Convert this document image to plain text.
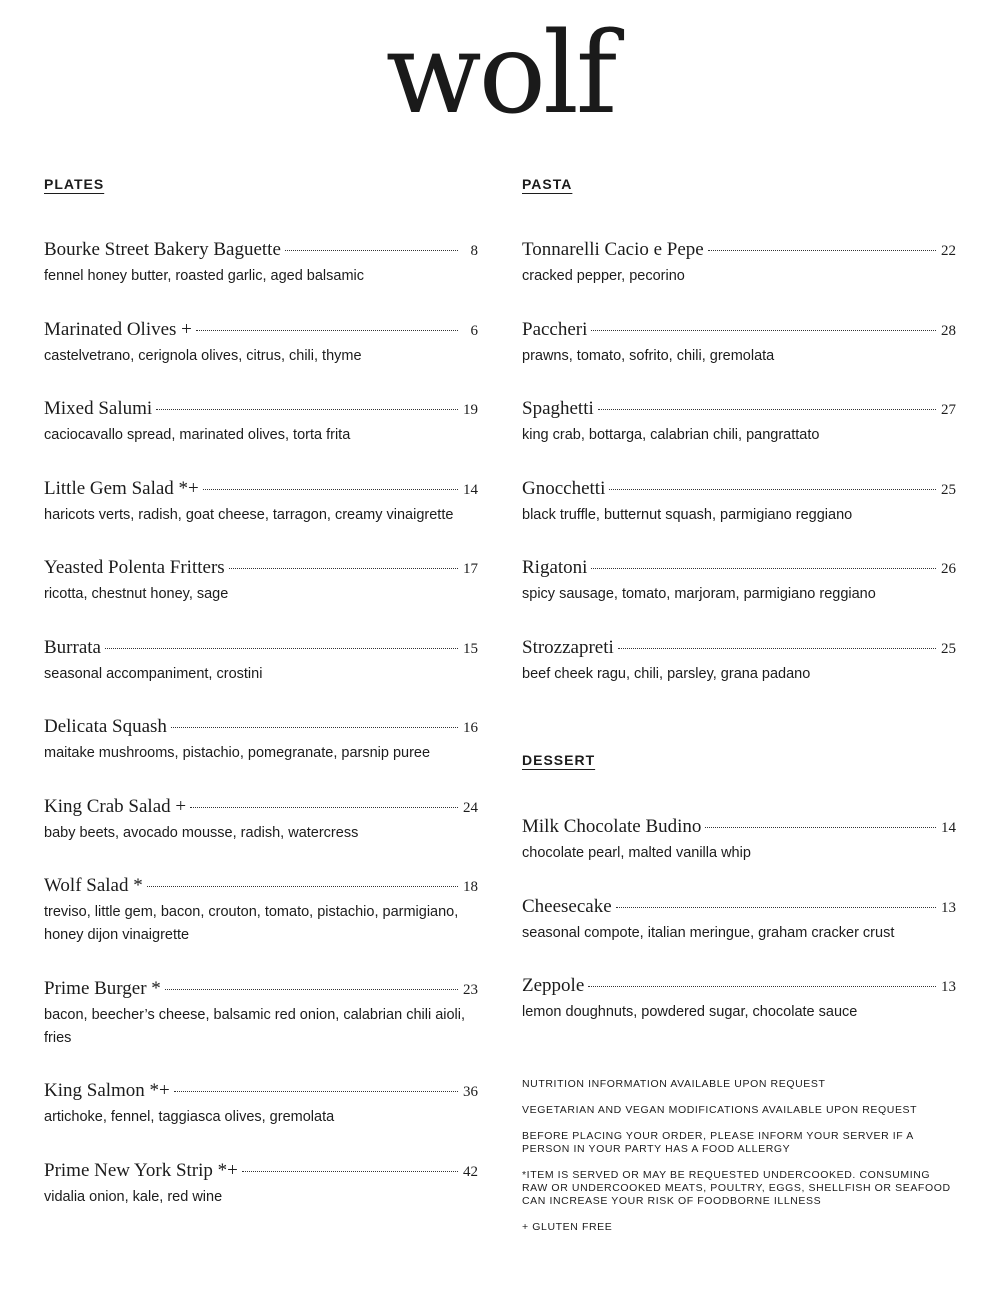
wolf
PLATES
Bourke Street Bakery Baguette	8
fennel honey butter, roasted garlic, aged balsamic
Marinated Olives +	6
castelvetrano, cerignola olives, citrus, chili, thyme
Mixed Salumi	19
caciocavallo spread, marinated olives, torta frita
Little Gem Salad *+	14
haricots verts, radish, goat cheese, tarragon, creamy vinaigrette
Yeasted Polenta Fritters	17
ricotta, chestnut honey, sage
Burrata	15
seasonal accompaniment, crostini
Delicata Squash	16
maitake mushrooms, pistachio, pomegranate, parsnip puree
King Crab Salad +	24
baby beets, avocado mousse, radish, watercress
Wolf Salad *	18
treviso, little gem, bacon, crouton, tomato, pistachio, parmigiano, honey dijon vinaigrette
Prime Burger *	23
bacon, beecher’s cheese, balsamic red onion, calabrian chili aioli, fries
King Salmon *+	36
artichoke, fennel, taggiasca olives, gremolata
Prime New York Strip *+	42
vidalia onion, kale, red wine
PASTA
Tonnarelli Cacio e Pepe	22
cracked pepper, pecorino
Paccheri	28
prawns, tomato, sofrito, chili, gremolata
Spaghetti	27
king crab, bottarga, calabrian chili, pangrattato
Gnocchetti	25
black truffle, butternut squash, parmigiano reggiano
Rigatoni	26
spicy sausage, tomato, marjoram, parmigiano reggiano
Strozzapreti	25
beef cheek ragu, chili, parsley, grana padano
DESSERT
Milk Chocolate Budino	14
chocolate pearl, malted vanilla whip
Cheesecake	13
seasonal compote, italian meringue, graham cracker crust
Zeppole	13
lemon doughnuts, powdered sugar, chocolate sauce
NUTRITION INFORMATION AVAILABLE UPON REQUEST
VEGETARIAN AND VEGAN MODIFICATIONS AVAILABLE UPON REQUEST
BEFORE PLACING YOUR ORDER, PLEASE INFORM YOUR SERVER IF A PERSON IN YOUR PARTY HAS A FOOD ALLERGY
*ITEM IS SERVED OR MAY BE REQUESTED UNDERCOOKED. CONSUMING RAW OR UNDERCOOKED MEATS, POULTRY, EGGS, SHELLFISH OR SEAFOOD CAN INCREASE YOUR RISK OF FOODBORNE ILLNESS
+ GLUTEN FREE
